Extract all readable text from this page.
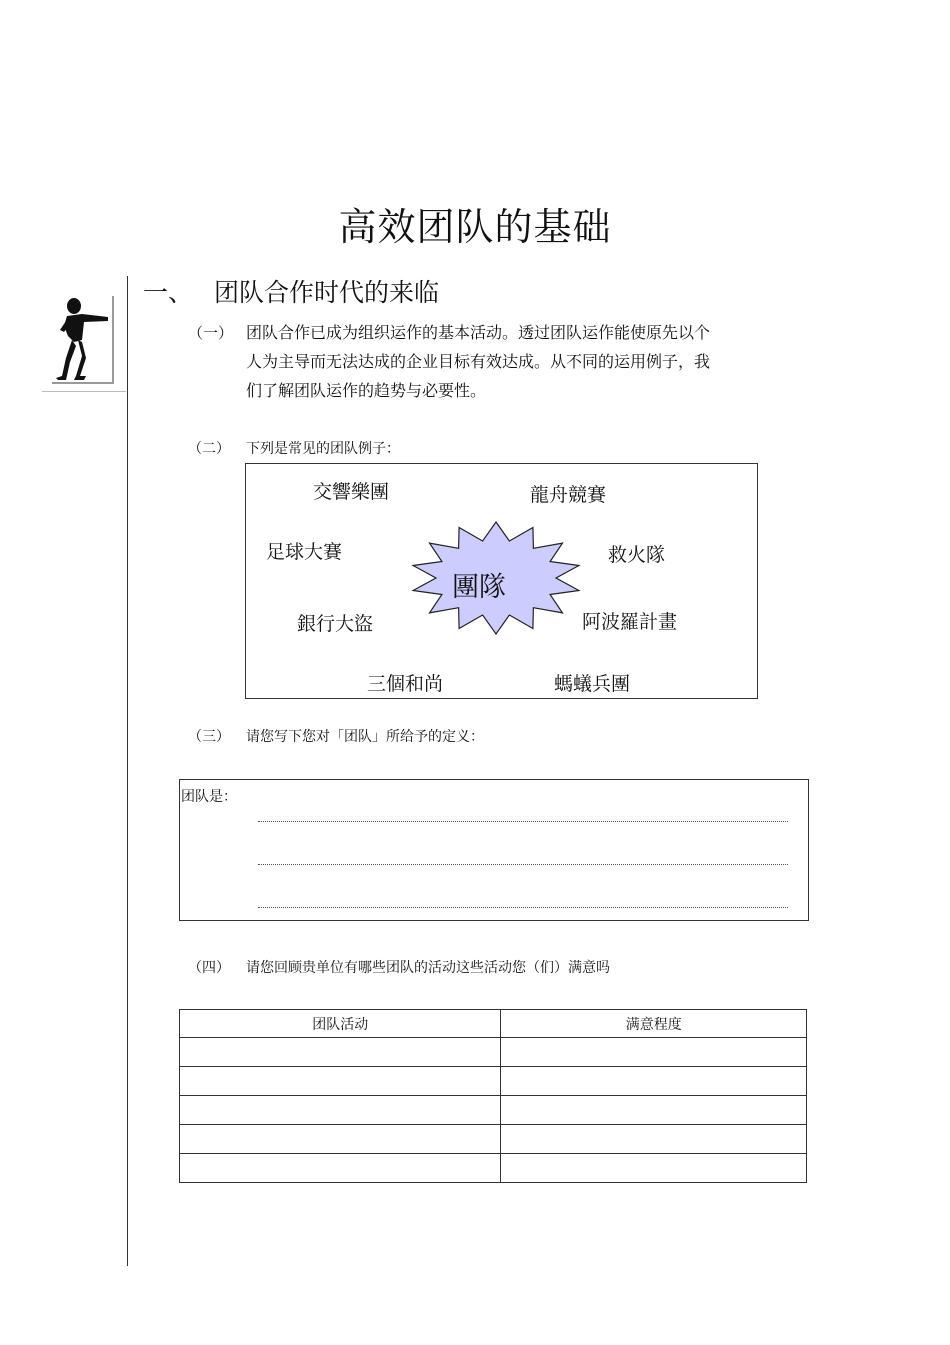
高效团队的基础
一、 团队合作时代的来临
（一） 团队合作已成为组织运作的基本活动。透过团队运作能使原先以个
人为主导而无法达成的企业目标有效达成。从不同的运用例子，我
们了解团队运作的趋势与必要性。
（二） 下列是常见的团队例子：
團隊
交響樂團	龍舟競賽
足球大賽	救火隊
銀行大盜	阿波羅計畫
三個和尚	螞蟻兵團
（三） 请您写下您对「团队」所给予的定义：
团队是：
（四） 请您回顾贵单位有哪些团队的活动这些活动您（们）满意吗
团队活动	满意程度
